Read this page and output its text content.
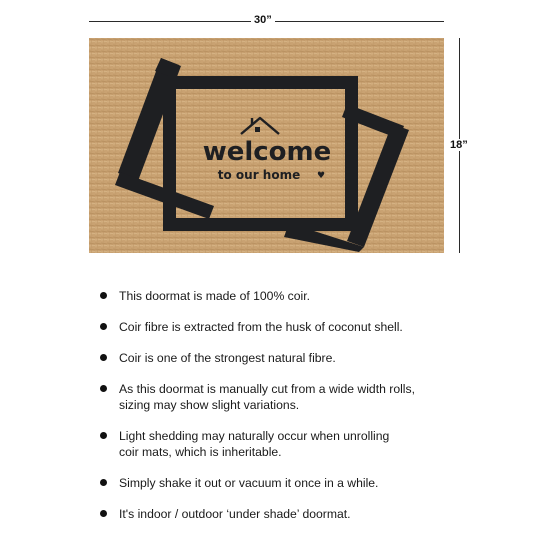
30”
18”
welcome
to our home ♥
This doormat is made of 100% coir.
Coir fibre is extracted from the husk of coconut shell.
Coir is one of the strongest natural fibre.
As this doormat is manually cut from a wide width rolls,
sizing may show slight variations.
Light shedding may naturally occur when unrolling
coir mats, which is inheritable.
Simply shake it out or vacuum it once in a while.
It's indoor / outdoor ‘under shade’ doormat.
